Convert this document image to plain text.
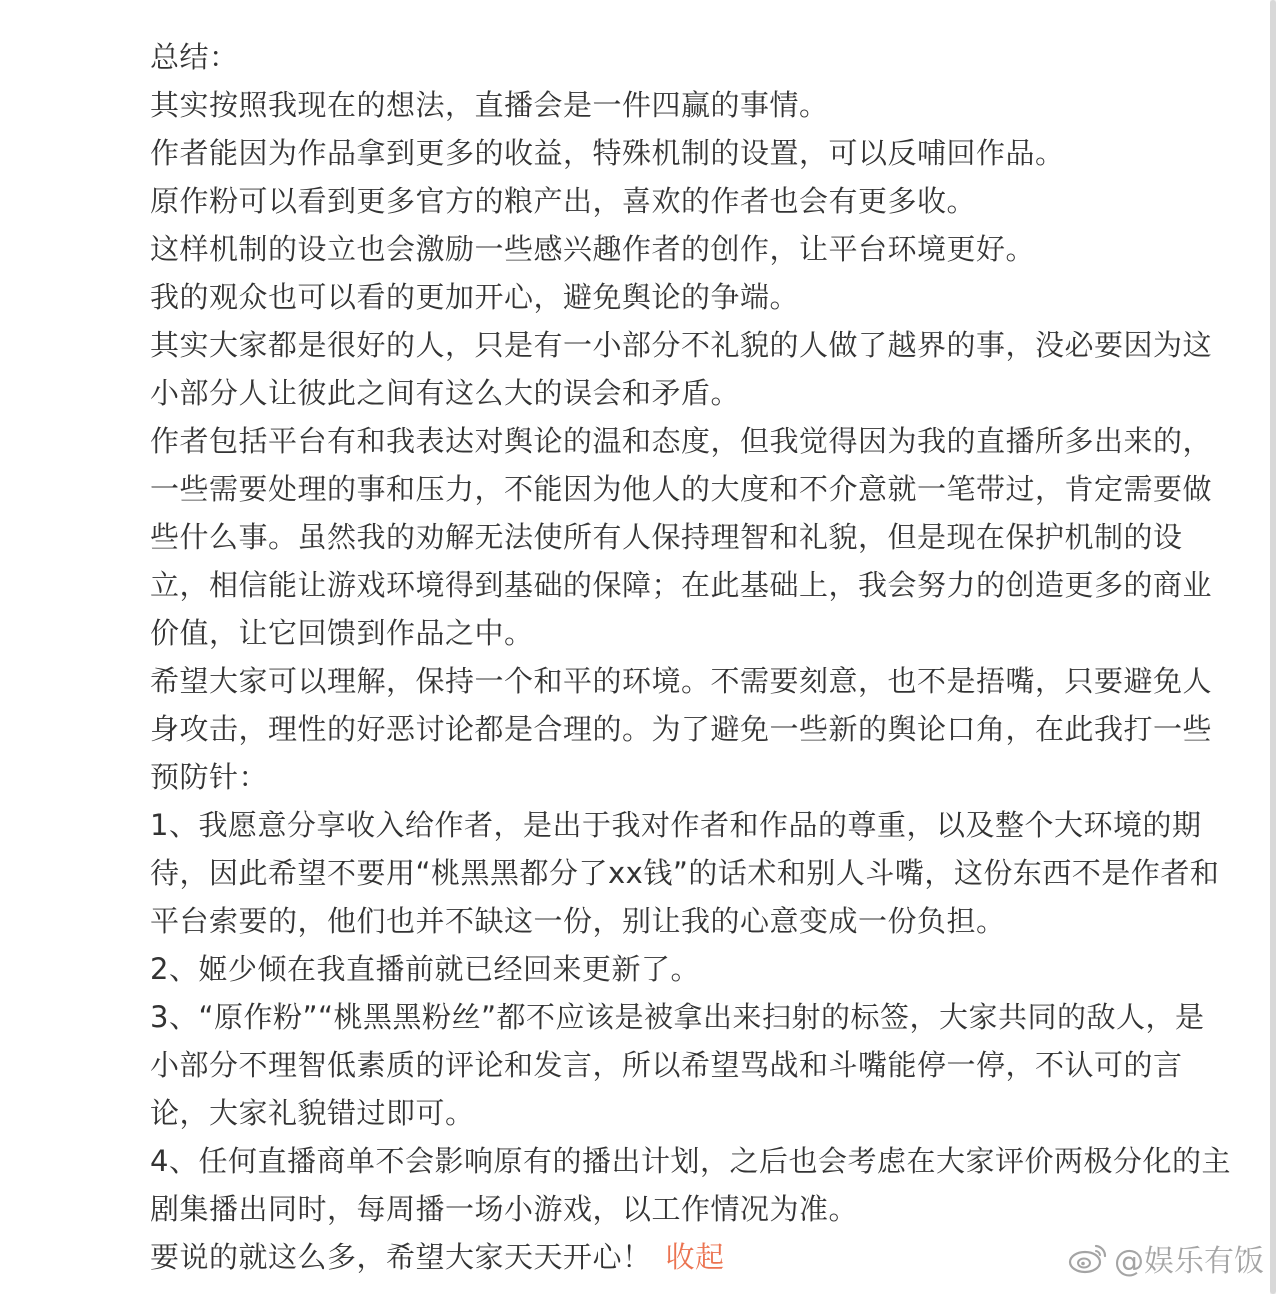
总结：

其实按照我现在的想法，直播会是一件四赢的事情。

作者能因为作品拿到更多的收益，特殊机制的设置，可以反哺回作品。

原作粉可以看到更多官方的粮产出，喜欢的作者也会有更多收。

这样机制的设立也会激励一些感兴趣作者的创作，让平台环境更好。

我的观众也可以看的更加开心，避免舆论的争端。

其实大家都是很好的人，只是有一小部分不礼貌的人做了越界的事，没必要因为这小部分人让彼此之间有这么大的误会和矛盾。

作者包括平台有和我表达对舆论的温和态度，但我觉得因为我的直播所多出来的，一些需要处理的事和压力，不能因为他人的大度和不介意就一笔带过，肯定需要做些什么事。虽然我的劝解无法使所有人保持理智和礼貌，但是现在保护机制的设立，相信能让游戏环境得到基础的保障；在此基础上，我会努力的创造更多的商业价值，让它回馈到作品之中。

希望大家可以理解，保持一个和平的环境。不需要刻意，也不是捂嘴，只要避免人身攻击，理性的好恶讨论都是合理的。为了避免一些新的舆论口角，在此我打一些预防针：

1、我愿意分享收入给作者，是出于我对作者和作品的尊重，以及整个大环境的期待，因此希望不要用“桃黑黑都分了xx钱”的话术和别人斗嘴，这份东西不是作者和平台索要的，他们也并不缺这一份，别让我的心意变成一份负担。

2、姬少倾在我直播前就已经回来更新了。

3、“原作粉”“桃黑黑粉丝”都不应该是被拿出来扫射的标签，大家共同的敌人，是小部分不理智低素质的评论和发言，所以希望骂战和斗嘴能停一停，不认可的言论，大家礼貌错过即可。

4、任何直播商单不会影响原有的播出计划，之后也会考虑在大家评价两极分化的主剧集播出同时，每周播一场小游戏，以工作情况为准。

要说的就这么多，希望大家天天开心！ 收起	@娱乐有饭
